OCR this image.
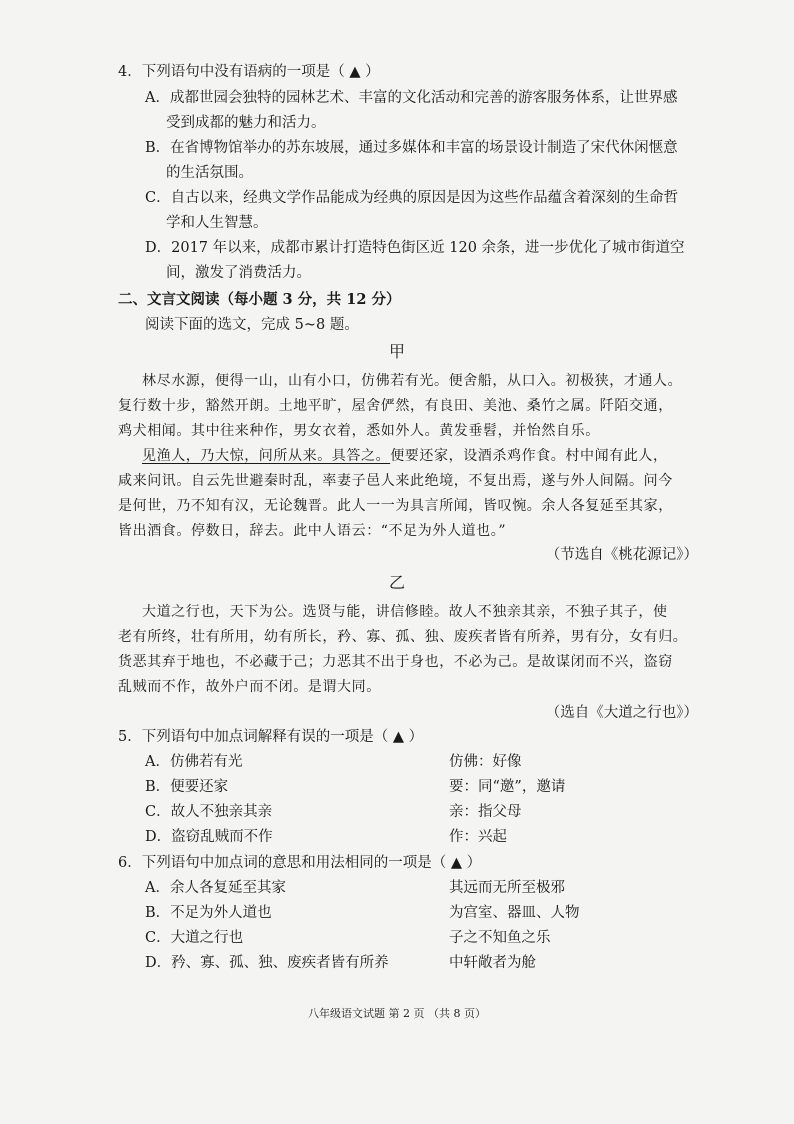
4．下列语句中没有语病的一项是（ ▲ ）
A．成都世园会独特的园林艺术、丰富的文化活动和完善的游客服务体系，让世界感
受到成都的魅力和活力。
B．在省博物馆举办的苏东坡展，通过多媒体和丰富的场景设计制造了宋代休闲惬意
的生活氛围。
C．自古以来，经典文学作品能成为经典的原因是因为这些作品蕴含着深刻的生命哲
学和人生智慧。
D．2017 年以来，成都市累计打造特色街区近 120 余条，进一步优化了城市街道空
间，激发了消费活力。
二、文言文阅读（每小题 3 分，共 12 分）
阅读下面的选文，完成 5~8 题。
甲
林尽水源，便得一山，山有小口，仿佛若有光。便舍船，从口入。初极狭，才通人。
复行数十步，豁然开朗。土地平旷，屋舍俨然，有良田、美池、桑竹之属。阡陌交通，
鸡犬相闻。其中往来种作，男女衣着，悉如外人。黄发垂髫，并怡然自乐。
见渔人，乃大惊，问所从来。具答之。便要还家，设酒杀鸡作食。村中闻有此人，
咸来问讯。自云先世避秦时乱，率妻子邑人来此绝境，不复出焉，遂与外人间隔。问今
是何世，乃不知有汉，无论魏晋。此人一一为具言所闻，皆叹惋。余人各复延至其家，
皆出酒食。停数日，辞去。此中人语云：“不足为外人道也。”
（节选自《桃花源记》）
乙
大道之行也，天下为公。选贤与能，讲信修睦。故人不独亲其亲，不独子其子，使
老有所终，壮有所用，幼有所长，矜、寡、孤、独、废疾者皆有所养，男有分，女有归。
货恶其弃于地也，不必藏于己；力恶其不出于身也，不必为己。是故谋闭而不兴，盗窃
乱贼而不作，故外户而不闭。是谓大同。
（选自《大道之行也》）
5．下列语句中加点词解释有误的一项是（ ▲ ）
A．仿佛若有光	仿佛：好像
B．便要还家	要：同“邀”，邀请
C．故人不独亲其亲	亲：指父母
D．盗窃乱贼而不作	作：兴起
6．下列语句中加点词的意思和用法相同的一项是（ ▲ ）
A．余人各复延至其家	其远而无所至极邪
B．不足为外人道也	为宫室、器皿、人物
C．大道之行也	子之不知鱼之乐
D．矜、寡、孤、独、废疾者皆有所养	中轩敞者为舱
八年级语文试题 第 2 页 （共 8 页）
